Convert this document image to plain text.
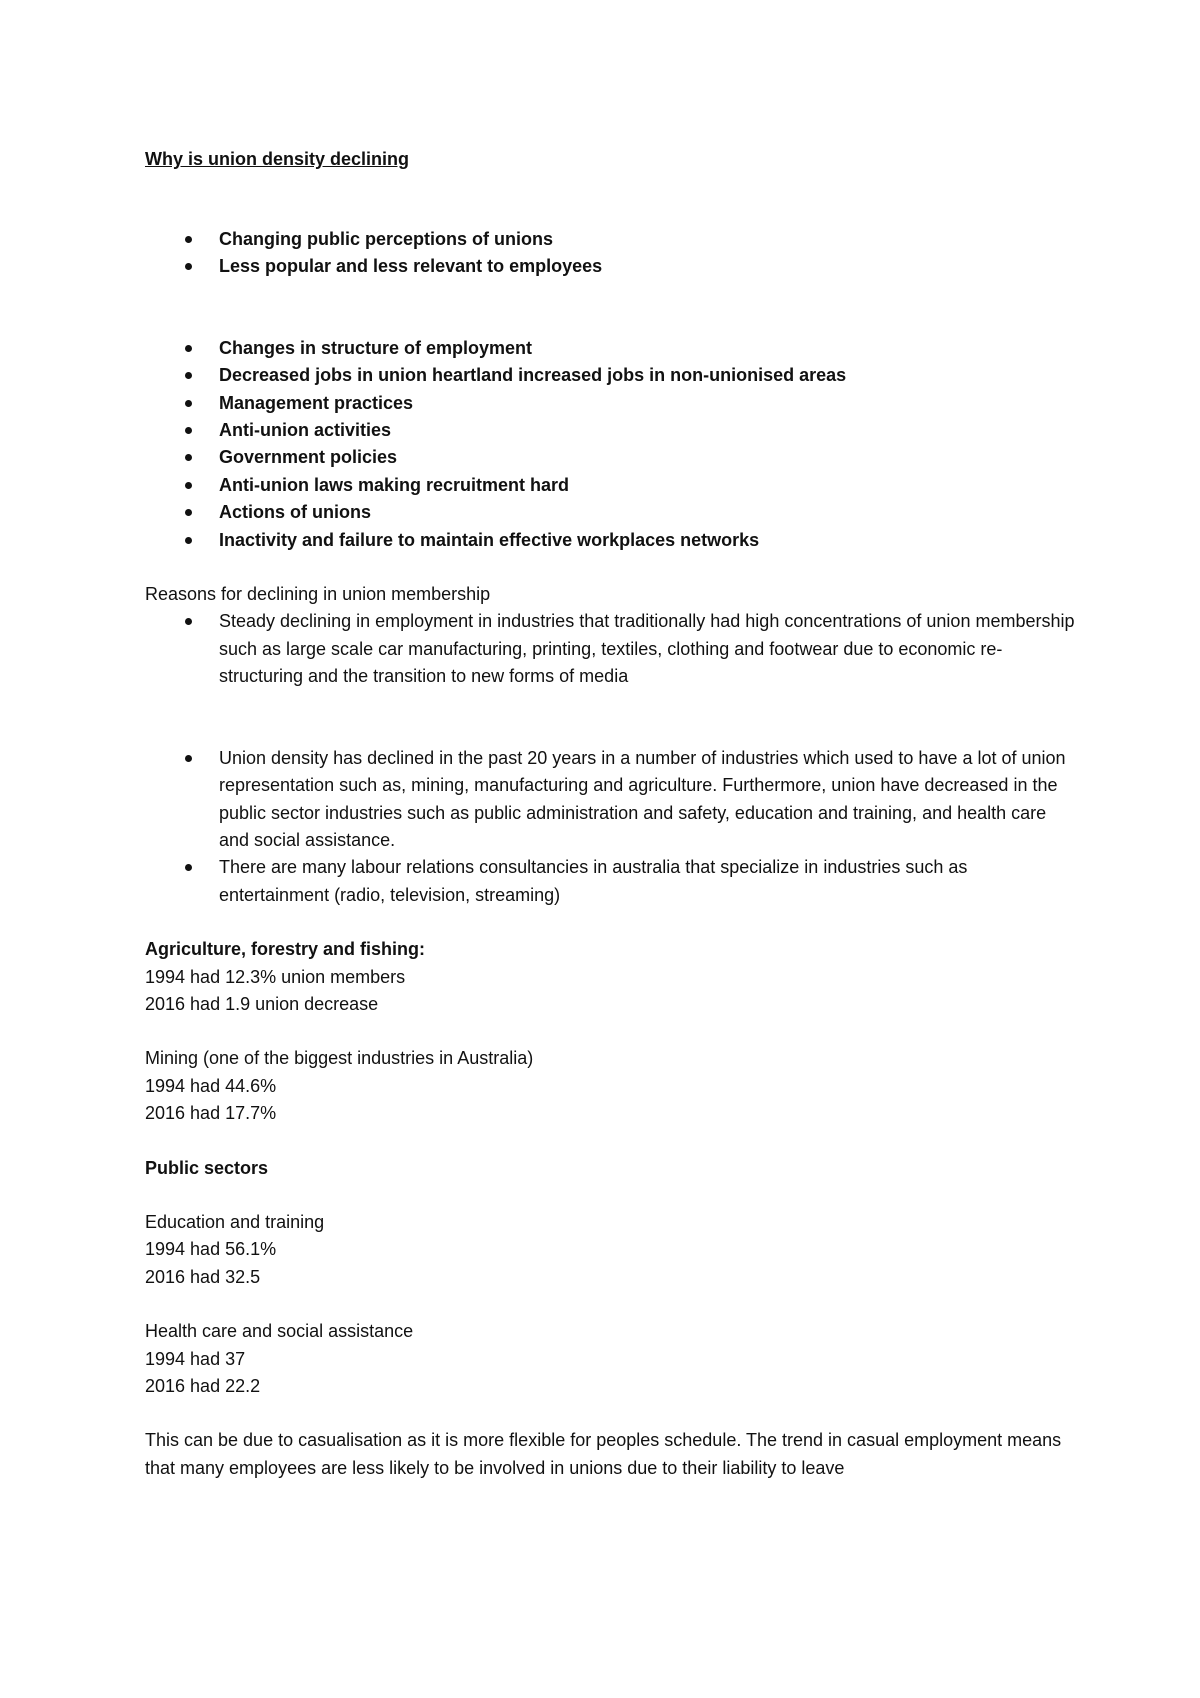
Why is union density declining

Changing public perceptions of unions
Less popular and less relevant to employees
Changes in structure of employment
Decreased jobs in union heartland increased jobs in non-unionised areas
Management practices
Anti-union activities
Government policies
Anti-union laws making recruitment hard
Actions of unions
Inactivity and failure to maintain effective workplaces networks

Reasons for declining in union membership

Steady declining in employment in industries that traditionally had high concentrations of union membership such as large scale car manufacturing, printing, textiles, clothing and footwear due to economic re-structuring and the transition to new forms of media
Union density has declined in the past 20 years in a number of industries which used to have a lot of union representation such as, mining, manufacturing and agriculture. Furthermore, union have decreased in the public sector industries such as public administration and safety, education and training, and health care and social assistance.
There are many labour relations consultancies in australia that specialize in industries such as entertainment (radio, television, streaming)

Agriculture, forestry and fishing:

1994 had 12.3% union members

2016 had 1.9 union decrease

Mining (one of the biggest industries in Australia)

1994 had 44.6%

2016 had 17.7%

Public sectors

Education and training

1994 had 56.1%

2016 had 32.5

Health care and social assistance

1994 had 37

2016 had 22.2

This can be due to casualisation as it is more flexible for peoples schedule. The trend in casual employment means that many employees are less likely to be involved in unions due to their liability to leave
